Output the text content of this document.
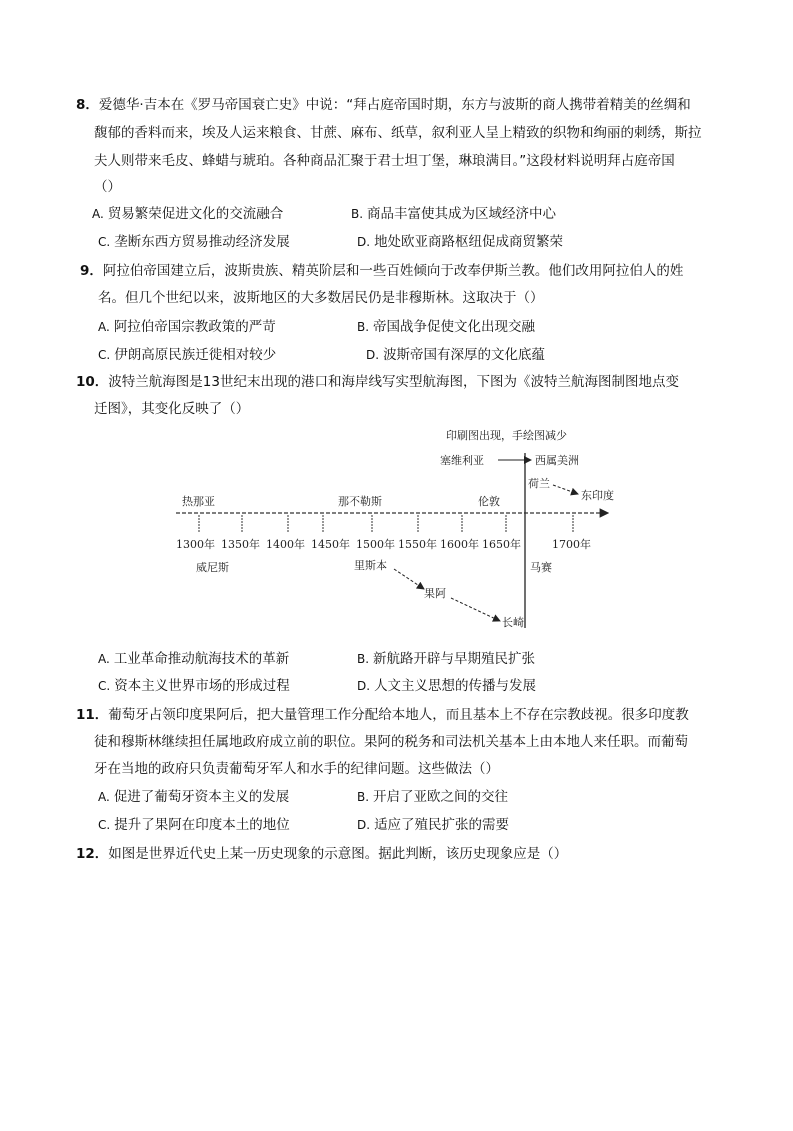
8．爱德华·吉本在《罗马帝国衰亡史》中说：“拜占庭帝国时期，东方与波斯的商人携带着精美的丝绸和
馥郁的香料而来，埃及人运来粮食、甘蔗、麻布、纸草，叙利亚人呈上精致的织物和绚丽的刺绣，斯拉
夫人则带来毛皮、蜂蜡与琥珀。各种商品汇聚于君士坦丁堡，琳琅满目。”这段材料说明拜占庭帝国
（）
A. 贸易繁荣促进文化的交流融合	B. 商品丰富使其成为区域经济中心
C. 垄断东西方贸易推动经济发展	D. 地处欧亚商路枢纽促成商贸繁荣
9．阿拉伯帝国建立后，波斯贵族、精英阶层和一些百姓倾向于改奉伊斯兰教。他们改用阿拉伯人的姓
名。但几个世纪以来，波斯地区的大多数居民仍是非穆斯林。这取决于（）
A. 阿拉伯帝国宗教政策的严苛	B. 帝国战争促使文化出现交融
C. 伊朗高原民族迁徙相对较少	D. 波斯帝国有深厚的文化底蕴
10．波特兰航海图是13世纪末出现的港口和海岸线写实型航海图，下图为《波特兰航海图制图地点变
迁图》，其变化反映了（）
1300年 1350年 1400年 1450年 1500年 1550年 1600年 1650年	1700年
印刷图出现，手绘图减少
热那亚	那不勒斯	伦敦
荷兰
东印度
塞维利亚	西属美洲
威尼斯	里斯本
果阿
长崎
马赛
A. 工业革命推动航海技术的革新	B. 新航路开辟与早期殖民扩张
C. 资本主义世界市场的形成过程	D. 人文主义思想的传播与发展
11．葡萄牙占领印度果阿后，把大量管理工作分配给本地人，而且基本上不存在宗教歧视。很多印度教
徒和穆斯林继续担任属地政府成立前的职位。果阿的税务和司法机关基本上由本地人来任职。而葡萄
牙在当地的政府只负责葡萄牙军人和水手的纪律问题。这些做法（）
A. 促进了葡萄牙资本主义的发展	B. 开启了亚欧之间的交往
C. 提升了果阿在印度本土的地位	D. 适应了殖民扩张的需要
12．如图是世界近代史上某一历史现象的示意图。据此判断，该历史现象应是（）
